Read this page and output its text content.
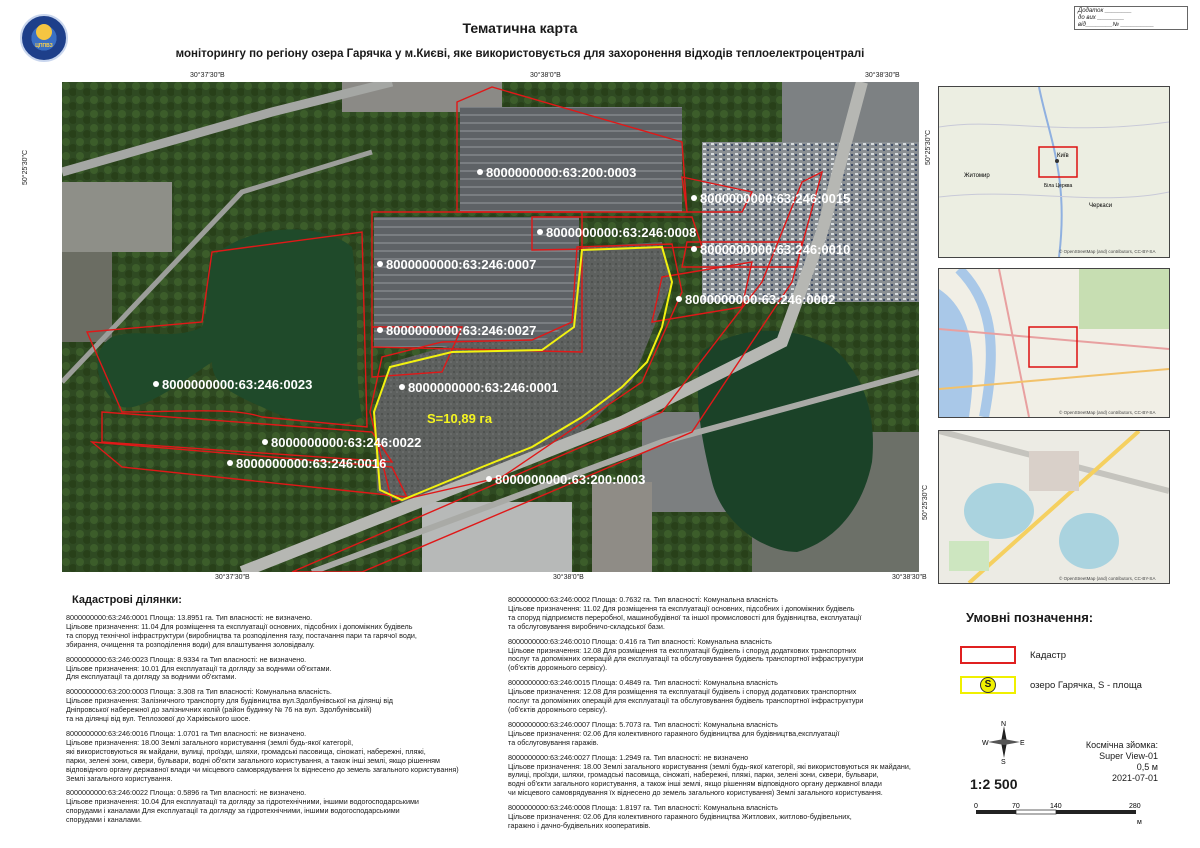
ЦППВЗ
Тематична карта
моніторингу по регіону озера Гарячка у м.Києві, яке використовується для захоронення відходів теплоелектроцентралі
Додаток ________
до вих ________
від________№ __________
30°37'30"В	30°38'0"В	30°38'30"В
30°37'30"В	30°38'0"В	30°38'30"В
50°25'30"С
50°25'30"С
50°25'30"С
8000000000:63:200:0003
8000000000:63:246:0015
8000000000:63:246:0008
8000000000:63:246:0010
8000000000:63:246:0007
8000000000:63:246:0002
8000000000:63:246:0027
8000000000:63:246:0023	8000000000:63:246:0001
8000000000:63:246:0022
8000000000:63:246:0016
8000000000:63:200:0003
S=10,89 га
Київ
Житомир
Черкаси
Біла Церква
© OpenStreetMap (and) contributors, CC-BY-SA
© OpenStreetMap (and) contributors, CC-BY-SA
© OpenStreetMap (and) contributors, CC-BY-SA
Кадастрові ділянки:
8000000000:63:246:0001 Площа: 13.8951 га. Тип власності: не визначено.
Цільове призначення: 11.04 Для розміщення та експлуатації основних, підсобних і допоміжних будівель
та споруд технічної інфраструктури (виробництва та розподілення газу, постачання пари та гарячої води,
збирання, очищення та розподілення води) для влаштування золовідвалу.
8000000000:63:246:0023 Площа: 8.9334 га Тип власності: не визначено.
Цільове призначення: 10.01 Для експлуатації та догляду за водними об'єктами.
Для експлуатації та догляду за водними об'єктами.
8000000000:63:200:0003 Площа: 3.308 га Тип власності: Комунальна власність.
Цільове призначення: Залізничного транспорту для будівництва вул.Здолбунівської на ділянці від
Дніпровської набережної до залізничних колій (район будинку № 76 на вул. Здолбунівській)
та на ділянці від вул. Теплозової до Харківського шосе.
8000000000:63:246:0016 Площа: 1.0701 га Тип власності: не визначено.
Цільове призначення: 18.00 Землі загального користування (землі будь-якої категорії,
які використовуються як майдани, вулиці, проїзди, шляхи, громадські пасовища, сіножаті, набережні, пляжі,
парки, зелені зони, сквери, бульвари, водні об'єкти загального користування, а також інші землі, якщо рішенням
відповідного органу державної влади чи місцевого самоврядування їх віднесено до земель загального користування)
Землі загального користування.
8000000000:63:246:0022 Площа: 0.5896 га Тип власності: не визначено.
Цільове призначення: 10.04 Для експлуатації та догляду за гідротехнічними, іншими водогосподарськими
спорудами і каналами Для експлуатації та догляду за гідротехнічними, іншими водогосподарськими
спорудами і каналами.
8000000000:63:246:0002 Площа: 0.7632 га. Тип власності: Комунальна власність
Цільове призначення: 11.02 Для розміщення та експлуатації основних, підсобних і допоміжних будівель
та споруд підприємств переробної, машинобудівної та іншої промисловості для будівництва, експлуатації
та обслуговування виробничо-складської бази.
8000000000:63:246:0010 Площа: 0.416 га Тип власності: Комунальна власність
Цільове призначення: 12.08 Для розміщення та експлуатації будівель і споруд додаткових транспортних
послуг та допоміжних операцій для експлуатації та обслуговування будівель транспортної інфраструктури
(об'єктів дорожнього сервісу).
8000000000:63:246:0015 Площа: 0.4849 га. Тип власності: Комунальна власність
Цільове призначення: 12.08 Для розміщення та експлуатації будівель і споруд додаткових транспортних
послуг та допоміжних операцій для експлуатації та обслуговування будівель транспортної інфраструктури
(об'єктів дорожнього сервісу).
8000000000:63:246:0007 Площа: 5.7073 га. Тип власності: Комунальна власність
Цільове призначення: 02.06 Для колективного гаражного будівництва для будівництва,експлуатації
та обслуговування гаражів.
8000000000:63:246:0027 Площа: 1.2949 га. Тип власності: не визначено
Цільове призначення: 18.00 Землі загального користування (землі будь-якої категорії, які використовуються як майдани,
вулиці, проїзди, шляхи, громадські пасовища, сіножаті, набережні, пляжі, парки, зелені зони, сквери, бульвари,
водні об'єкти загального користування, а також інші землі, якщо рішенням відповідного органу державної влади
чи місцевого самоврядування їх віднесено до земель загального користування) Землі загального користування.
8000000000:63:246:0008 Площа: 1.8197 га. Тип власності: Комунальна власність
Цільове призначення: 02.06 Для колективного гаражного будівництва Житлових, житлово-будівельних,
гаражно і дачно-будівельних кооперативів.
Умовні позначення:
Кадастр
S	озеро Гарячка, S - площа
N
S
E
W
1:2 500
0	70	140	280
м
Космічна зйомка:
Super View-01
0,5 м
2021-07-01
